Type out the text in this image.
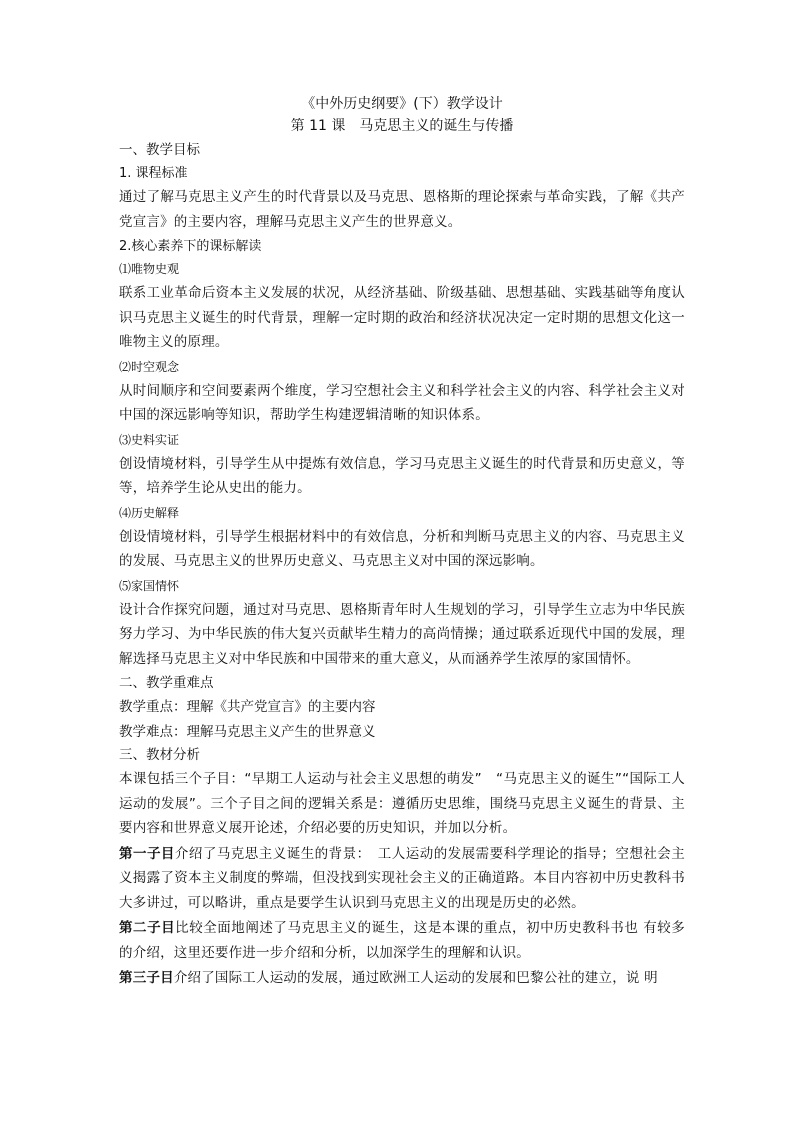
《中外历史纲要》(下）教学设计

第 11 课　马克思主义的诞生与传播

一、教学目标

1. 课程标准

通过了解马克思主义产生的时代背景以及马克思、恩格斯的理论探索与革命实践，了解《共产党宣言》的主要内容，理解马克思主义产生的世界意义。

2.核心素养下的课标解读

⑴唯物史观

联系工业革命后资本主义发展的状况，从经济基础、阶级基础、思想基础、实践基础等角度认识马克思主义诞生的时代背景，理解一定时期的政治和经济状况决定一定时期的思想文化这一唯物主义的原理。

⑵时空观念

从时间顺序和空间要素两个维度，学习空想社会主义和科学社会主义的内容、科学社会主义对中国的深远影响等知识，帮助学生构建逻辑清晰的知识体系。

⑶史料实证

创设情境材料，引导学生从中提炼有效信息，学习马克思主义诞生的时代背景和历史意义，等等，培养学生论从史出的能力。

⑷历史解释

创设情境材料，引导学生根据材料中的有效信息，分析和判断马克思主义的内容、马克思主义的发展、马克思主义的世界历史意义、马克思主义对中国的深远影响。

⑸家国情怀

设计合作探究问题，通过对马克思、恩格斯青年时人生规划的学习，引导学生立志为中华民族努力学习、为中华民族的伟大复兴贡献毕生精力的高尚情操；通过联系近现代中国的发展，理解选择马克思主义对中华民族和中国带来的重大意义，从而涵养学生浓厚的家国情怀。

二、教学重难点

教学重点：理解《共产党宣言》的主要内容

教学难点：理解马克思主义产生的世界意义

三、教材分析

本课包括三个子目：“早期工人运动与社会主义思想的萌发”　“马克思主义的诞生”“国际工人运动的发展”。三个子目之间的逻辑关系是：遵循历史思维，围绕马克思主义诞生的背景、主要内容和世界意义展开论述，介绍必要的历史知识，并加以分析。

第一子目介绍了马克思主义诞生的背景：　工人运动的发展需要科学理论的指导；空想社会主义揭露了资本主义制度的弊端，但没找到实现社会主义的正确道路。本目内容初中历史教科书大多讲过，可以略讲，重点是要学生认识到马克思主义的出现是历史的必然。

第二子目比较全面地阐述了马克思主义的诞生，这是本课的重点，初中历史教科书也 有较多的介绍，这里还要作进一步介绍和分析，以加深学生的理解和认识。

第三子目介绍了国际工人运动的发展，通过欧洲工人运动的发展和巴黎公社的建立，说 明
